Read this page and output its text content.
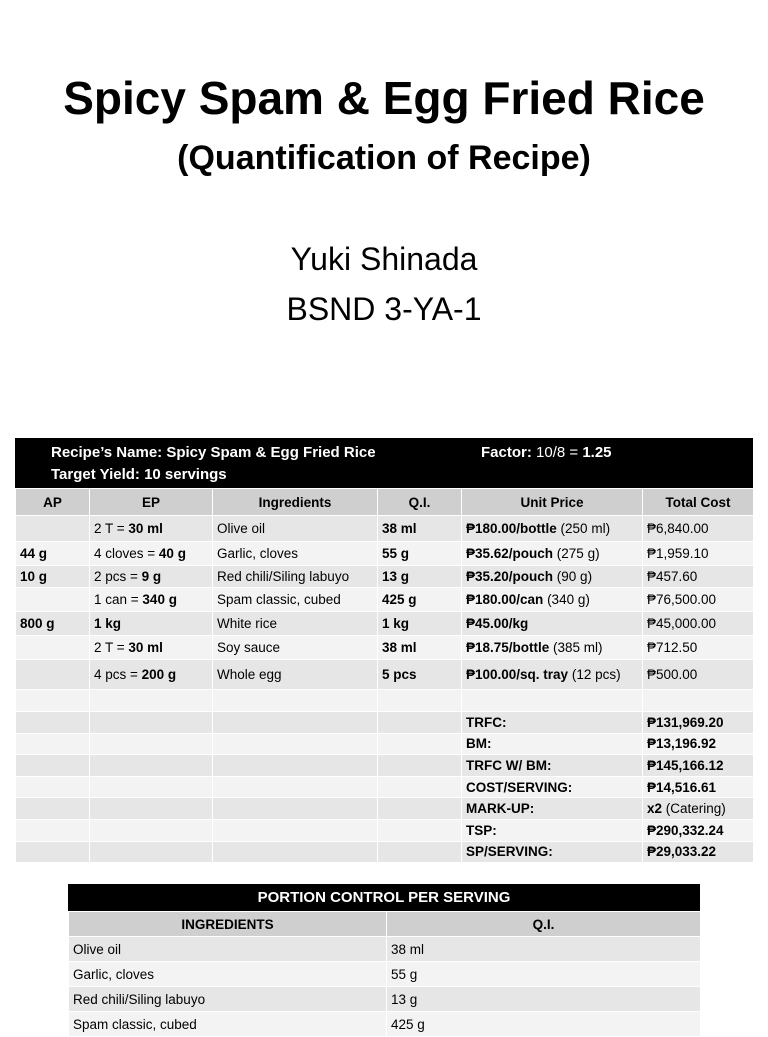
Spicy Spam & Egg Fried Rice
(Quantification of Recipe)
Yuki Shinada
BSND 3-YA-1
Recipe’s Name: Spicy Spam & Egg Fried Rice
Target Yield: 10 servings
Factor: 10/8 = 1.25
AP	EP	Ingredients	Q.I.	Unit Price	Total Cost
	2 T = 30 ml	Olive oil	38 ml	₱180.00/bottle (250 ml)	₱6,840.00
44 g	4 cloves = 40 g	Garlic, cloves	55 g	₱35.62/pouch (275 g)	₱1,959.10
10 g	2 pcs = 9 g	Red chili/Siling labuyo	13 g	₱35.20/pouch (90 g)	₱457.60
	1 can = 340 g	Spam classic, cubed	425 g	₱180.00/can (340 g)	₱76,500.00
800 g	1 kg	White rice	1 kg	₱45.00/kg	₱45,000.00
	2 T = 30 ml	Soy sauce	38 ml	₱18.75/bottle (385 ml)	₱712.50
	4 pcs = 200 g	Whole egg	5 pcs	₱100.00/sq. tray (12 pcs)	₱500.00

				TRFC:	₱131,969.20
				BM:	₱13,196.92
				TRFC W/ BM:	₱145,166.12
				COST/SERVING:	₱14,516.61
				MARK-UP:	x2 (Catering)
				TSP:	₱290,332.24
				SP/SERVING:	₱29,033.22
PORTION CONTROL PER SERVING
INGREDIENTS	Q.I.
Olive oil	38 ml
Garlic, cloves	55 g
Red chili/Siling labuyo	13 g
Spam classic, cubed	425 g
